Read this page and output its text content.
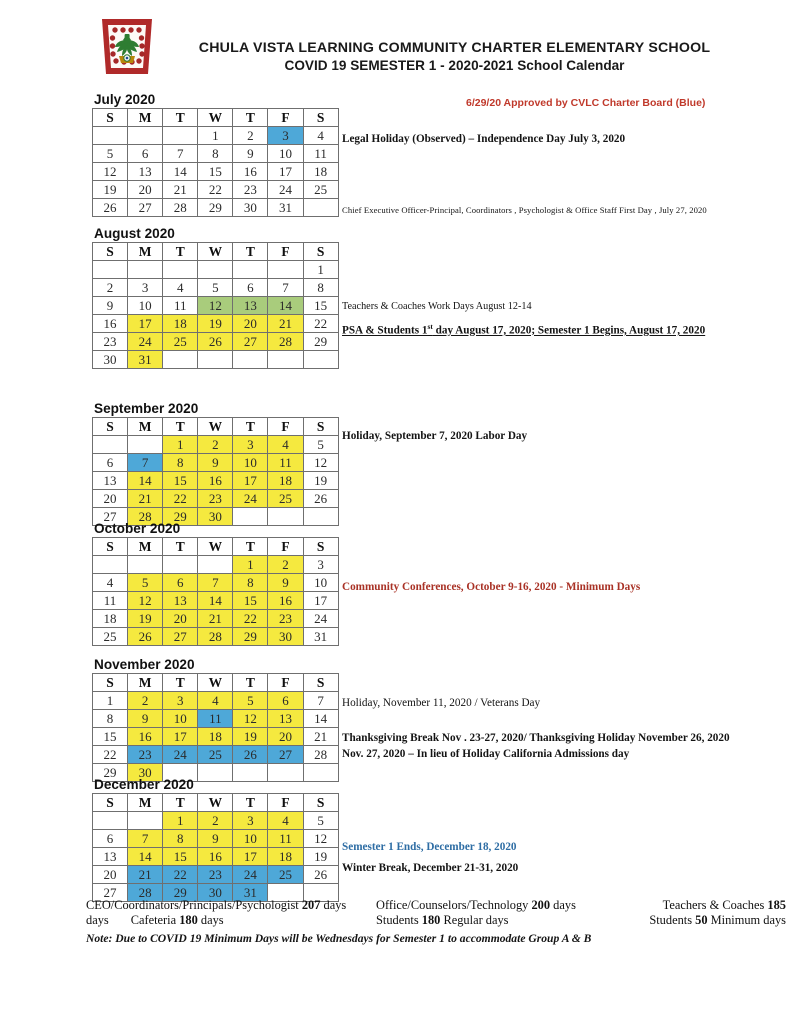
CHULA VISTA LEARNING COMMUNITY CHARTER ELEMENTARY SCHOOL
COVID 19 SEMESTER 1 - 2020-2021 School Calendar
6/29/20 Approved by CVLC Charter Board (Blue)
July 2020
S	M	T	W	T	F	S
			1	2	3	4
5	6	7	8	9	10	11
12	13	14	15	16	17	18
19	20	21	22	23	24	25
26	27	28	29	30	31	
August 2020
S	M	T	W	T	F	S
						1
2	3	4	5	6	7	8
9	10	11	12	13	14	15
16	17	18	19	20	21	22
23	24	25	26	27	28	29
30	31					
September 2020
S	M	T	W	T	F	S
		1	2	3	4	5
6	7	8	9	10	11	12
13	14	15	16	17	18	19
20	21	22	23	24	25	26
27	28	29	30			
October 2020
S	M	T	W	T	F	S
				1	2	3
4	5	6	7	8	9	10
11	12	13	14	15	16	17
18	19	20	21	22	23	24
25	26	27	28	29	30	31
November 2020
S	M	T	W	T	F	S
1	2	3	4	5	6	7
8	9	10	11	12	13	14
15	16	17	18	19	20	21
22	23	24	25	26	27	28
29	30					
December 2020
S	M	T	W	T	F	S
		1	2	3	4	5
6	7	8	9	10	11	12
13	14	15	16	17	18	19
20	21	22	23	24	25	26
27	28	29	30	31		
Legal Holiday (Observed) – Independence Day July 3, 2020
Chief Executive Officer-Principal, Coordinators , Psychologist & Office Staff First Day , July 27, 2020
Teachers & Coaches Work Days August 12-14
PSA & Students 1st day August 17, 2020; Semester 1 Begins, August 17, 2020
Holiday, September 7, 2020 Labor Day
Community Conferences, October 9-16, 2020 - Minimum Days
Holiday, November 11, 2020 / Veterans Day
Thanksgiving Break Nov . 23-27, 2020/ Thanksgiving Holiday November 26, 2020
Nov. 27, 2020 – In lieu of Holiday California Admissions day
Semester 1 Ends, December 18, 2020
Winter Break, December 21-31, 2020
CEO/Coordinators/Principals/Psychologist 207 days	Office/Counselors/Technology 200 days	Teachers & Coaches 185
days Cafeteria 180 days	Students 180 Regular days	Students 50 Minimum days
Note: Due to COVID 19 Minimum Days will be Wednesdays for Semester 1 to accommodate Group A & B
